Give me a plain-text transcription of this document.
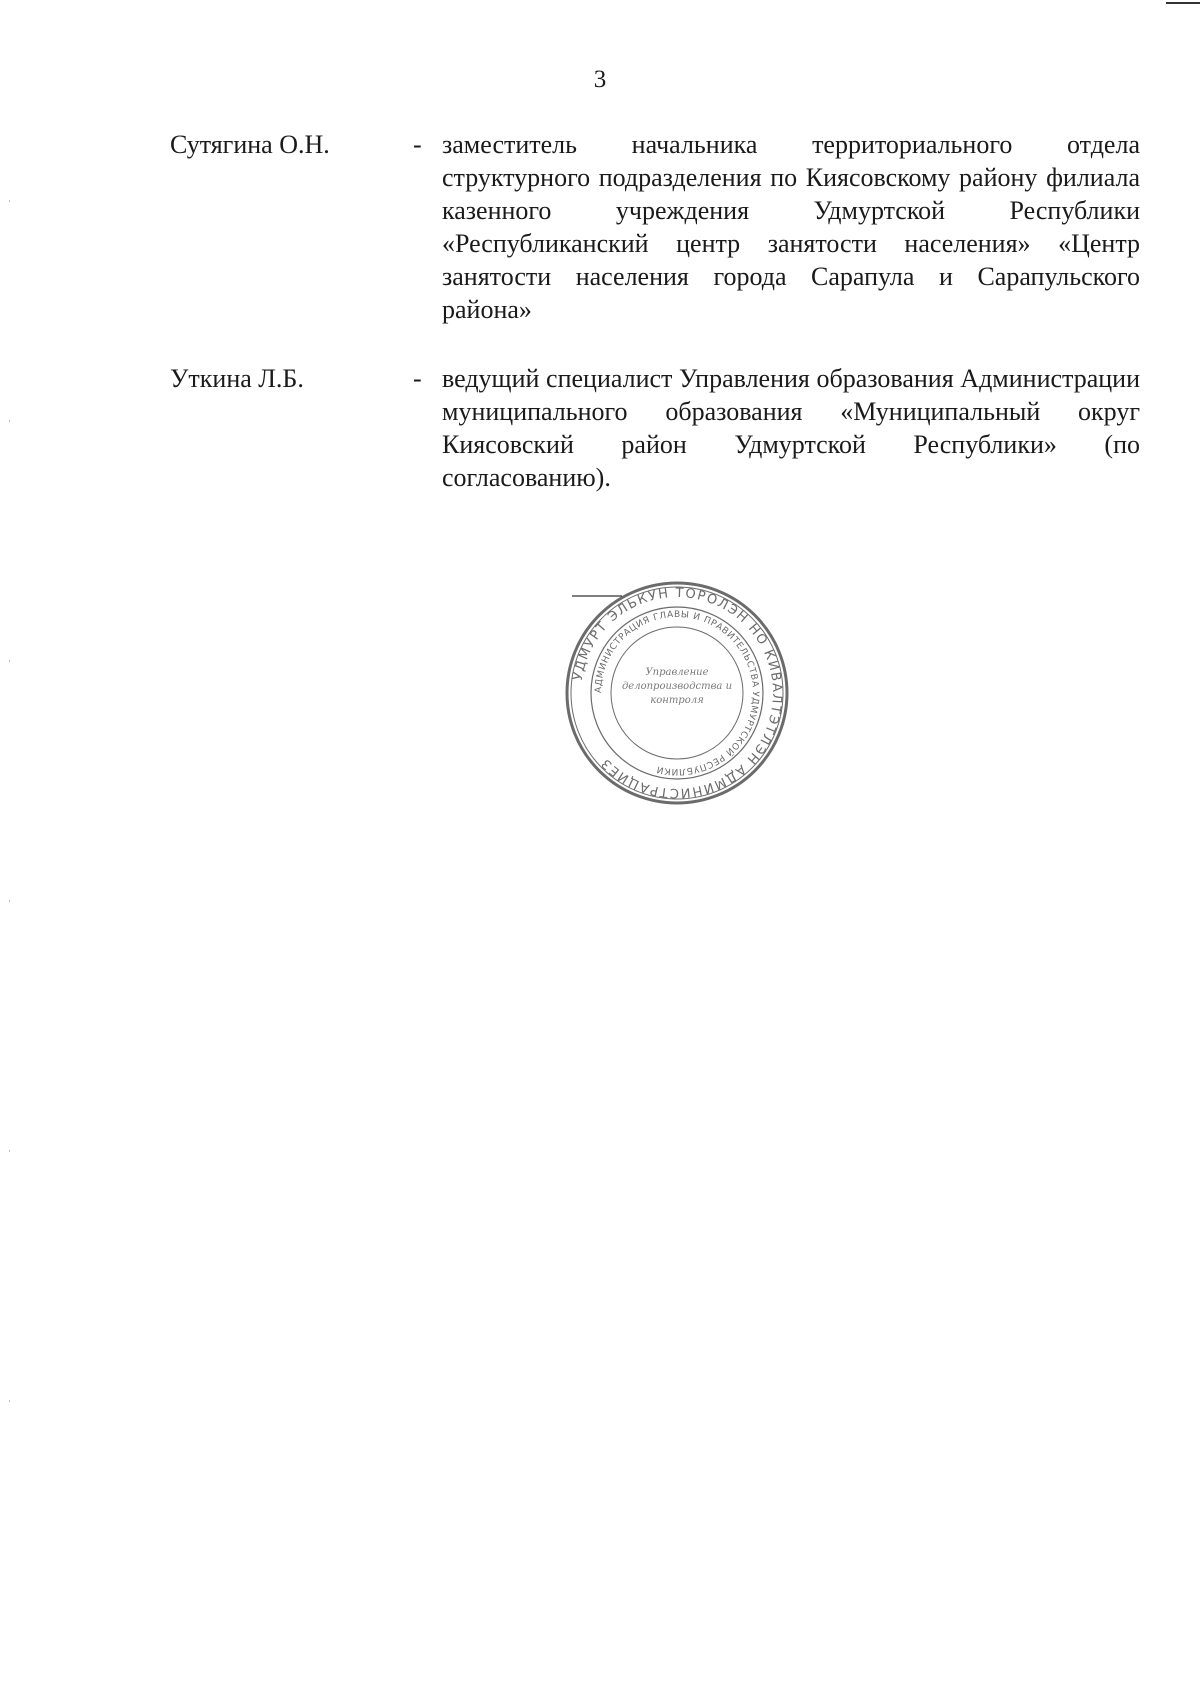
3
Сутягина О.Н.	- заместитель начальника территориального отдела структурного подразделения по Киясовскому району филиала казенного учреждения Удмуртской Республики «Республиканский центр занятости населения» «Центр занятости населения города Сарапула и Сарапульского района»
Уткина Л.Б.	- ведущий специалист Управления образования Администрации муниципального образования «Муниципальный округ Киясовский район Удмуртской Республики» (по согласованию).
УДМУРТ ЭЛЬКУН ТОРОЛЭН НО КИВАЛТЭТЛЭН АДМИНИСТРАЦИЕЗ
АДМИНИСТРАЦИЯ ГЛАВЫ И ПРАВИТЕЛЬСТВА УДМУРТСКОЙ РЕСПУБЛИКИ
Управление делопроизводства и контроля
